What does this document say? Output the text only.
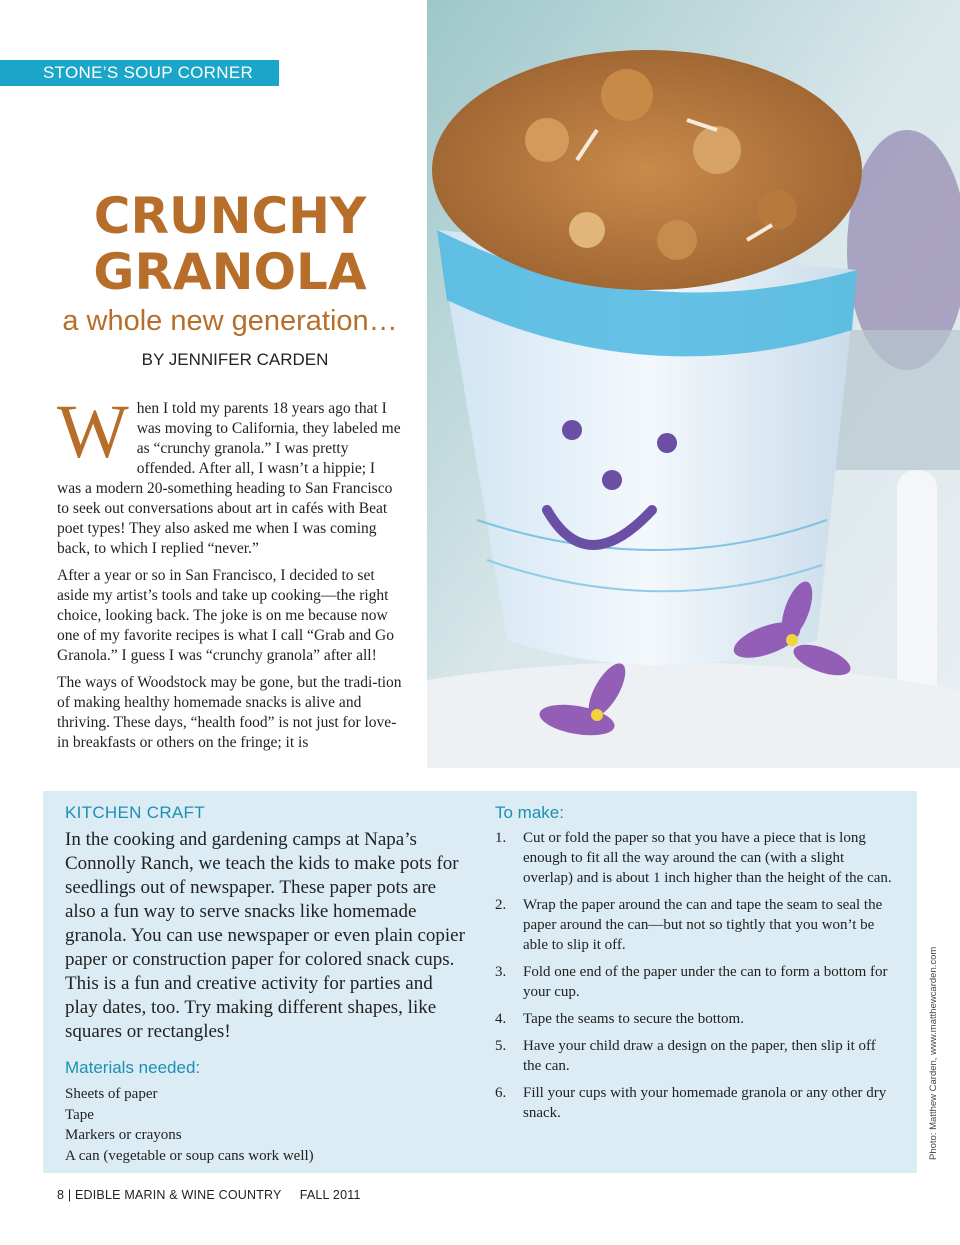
STONE’S SOUP CORNER
CRUNCHY
GRANOLA
a whole new generation…
BY JENNIFER CARDEN

When I told my parents 18 years ago that I was moving to California, they labeled me as “crunchy granola.” I was pretty offended. After all, I wasn’t a hippie; I was a modern 20-something heading to San Francisco to seek out conversations about art in cafés with Beat poet types! They also asked me when I was coming back, to which I replied “never.”

After a year or so in San Francisco, I decided to set aside my artist’s tools and take up cooking—the right choice, looking back. The joke is on me because now one of my favorite recipes is what I call “Grab and Go Granola.” I guess I was “crunchy granola” after all!

The ways of Woodstock may be gone, but the tradi-tion of making healthy homemade snacks is alive and thriving. These days, “health food” is not just for love-in breakfasts or others on the fringe; it is

KITCHEN CRAFT
In the cooking and gardening camps at Napa’s Connolly Ranch, we teach the kids to make pots for seedlings out of newspaper. These paper pots are also a fun way to serve snacks like homemade granola. You can use newspaper or even plain copier paper or construction paper for colored snack cups. This is a fun and creative activity for parties and play dates, too. Try making different shapes, like squares or rectangles!
Materials needed:
Sheets of paper
Tape
Markers or crayons
A can (vegetable or soup cans work well)
To make:
1.	Cut or fold the paper so that you have a piece that is long enough to fit all the way around the can (with a slight overlap) and is about 1 inch higher than the height of the can.
2.	Wrap the paper around the can and tape the seam to seal the paper around the can—but not so tightly that you won’t be able to slip it off.
3.	Fold one end of the paper under the can to form a bottom for your cup.
4.	Tape the seams to secure the bottom.
5.	Have your child draw a design on the paper, then slip it off the can.
6.	Fill your cups with your homemade granola or any other dry snack.
8 | EDIBLE MARIN & WINE COUNTRY FALL 2011
Photo: Matthew Carden, www.matthewcarden.com
